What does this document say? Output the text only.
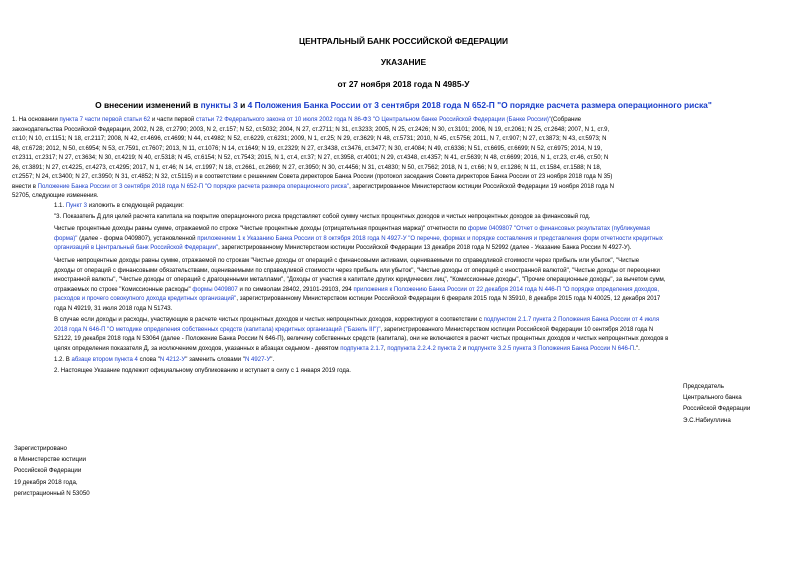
ЦЕНТРАЛЬНЫЙ БАНК РОССИЙСКОЙ ФЕДЕРАЦИИ
УКАЗАНИЕ
от 27 ноября 2018 года N 4985-У
О внесении изменений в пункты 3 и 4 Положения Банка России от 3 сентября 2018 года N 652-П "О порядке расчета размера операционного риска"
1. На основании пункта 7 части первой статьи 62 и части первой статьи 72 Федерального закона от 10 июля 2002 года N 86-ФЗ "О Центральном банке Российской Федерации (Банке России)"(Собрание
законодательства Российской Федерации, 2002, N 28, ст.2790; 2003, N 2, ст.157; N 52, ст.5032; 2004, N 27, ст.2711; N 31, ст.3233; 2005, N 25, ст.2426; N 30, ст.3101; 2006, N 19, ст.2061; N 25, ст.2648; 2007, N 1, ст.9,
ст.10; N 10, ст.1151; N 18, ст.2117; 2008, N 42, ст.4696, ст.4699; N 44, ст.4982; N 52, ст.6229, ст.6231; 2009, N 1, ст.25; N 29, ст.3629; N 48, ст.5731; 2010, N 45, ст.5756; 2011, N 7, ст.907; N 27, ст.3873; N 43, ст.5973; N
48, ст.6728; 2012, N 50, ст.6954; N 53, ст.7591, ст.7607; 2013, N 11, ст.1076; N 14, ст.1649; N 19, ст.2329; N 27, ст.3438, ст.3476, ст.3477; N 30, ст.4084; N 49, ст.6336; N 51, ст.6695, ст.6699; N 52, ст.6975; 2014, N 19,
ст.2311, ст.2317; N 27, ст.3634; N 30, ст.4219; N 40, ст.5318; N 45, ст.6154; N 52, ст.7543; 2015, N 1, ст.4, ст.37; N 27, ст.3958, ст.4001; N 29, ст.4348, ст.4357; N 41, ст.5639; N 48, ст.6699; 2016, N 1, ст.23, ст.46, ст.50; N
26, ст.3891; N 27, ст.4225, ст.4273, ст.4295; 2017, N 1, ст.46; N 14, ст.1997; N 18, ст.2661, ст.2669; N 27, ст.3950; N 30, ст.4456; N 31, ст.4830; N 50, ст.7562; 2018, N 1, ст.66; N 9, ст.1286; N 11, ст.1584, ст.1588; N 18,
ст.2557; N 24, ст.3400; N 27, ст.3950; N 31, ст.4852; N 32, ст.5115) и в соответствии с решением Совета директоров Банка России (протокол заседания Совета директоров Банка России от 23 ноября 2018 года N 35)
внести в Положение Банка России от 3 сентября 2018 года N 652-П "О порядке расчета размера операционного риска", зарегистрированное Министерством юстиции Российской Федерации 19 ноября 2018 года N
52705, следующие изменения.
1.1. Пункт 3 изложить в следующей редакции:
"3. Показатель Д для целей расчета капитала на покрытие операционного риска представляет собой сумму чистых процентных доходов и чистых непроцентных доходов за финансовый год.
Чистые процентные доходы равны сумме, отражаемой по строке "Чистые процентные доходы (отрицательная процентная маржа)" отчетности по форме 0409807 "Отчет о финансовых результатах (публикуемая
форма)" (далее - форма 0409807), установленной приложением 1 к Указанию Банка России от 8 октября 2018 года N 4927-У "О перечне, формах и порядке составления и представления форм отчетности кредитных
организаций в Центральный банк Российской Федерации", зарегистрированному Министерством юстиции Российской Федерации 13 декабря 2018 года N 52992 (далее - Указание Банка России N 4927-У).
Чистые непроцентные доходы равны сумме, отражаемой по строкам "Чистые доходы от операций с финансовыми активами, оцениваемыми по справедливой стоимости через прибыль или убыток", "Чистые
доходы от операций с финансовыми обязательствами, оцениваемыми по справедливой стоимости через прибыль или убыток", "Чистые доходы от операций с иностранной валютой", "Чистые доходы от переоценки
иностранной валюты", "Чистые доходы от операций с драгоценными металлами", "Доходы от участия в капитале других юридических лиц", "Комиссионные доходы", "Прочие операционные доходы", за вычетом сумм,
отражаемых по строке "Комиссионные расходы" формы 0409807 и по символам 28402, 29101-29103, 294 приложения к Положению Банка России от 22 декабря 2014 года N 446-П "О порядке определения доходов,
расходов и прочего совокупного дохода кредитных организаций", зарегистрированному Министерством юстиции Российской Федерации 6 февраля 2015 года N 35910, 8 декабря 2015 года N 40025, 12 декабря 2017
года N 49219, 31 июля 2018 года N 51743.
В случае если доходы и расходы, участвующие в расчете чистых процентных доходов и чистых непроцентных доходов, корректируют в соответствии с подпунктом 2.1.7 пункта 2 Положения Банка России от 4 июля
2018 года N 646-П "О методике определения собственных средств (капитала) кредитных организаций ("Базель III")", зарегистрированного Министерством юстиции Российской Федерации 10 сентября 2018 года N
52122, 19 декабря 2018 года N 53064 (далее - Положение Банка России N 646-П), величину собственных средств (капитала), они не включаются в расчет чистых процентных доходов и чистых непроцентных доходов в
целях определения показателя Д, за исключением доходов, указанных в абзацах седьмом - девятом подпункта 2.1.7, подпункта 2.2.4.2 пункта 2 и подпункте 3.2.5 пункта 3 Положения Банка России N 646-П.".
1.2. В абзаце втором пункта 4 слова "N 4212-У" заменить словами "N 4927-У".
2. Настоящее Указание подлежит официальному опубликованию и вступает в силу с 1 января 2019 года.
Председатель
Центрального банка
Российской Федерации
Э.С.Набиуллина
Зарегистрировано
в Министерстве юстиции
Российской Федерации
19 декабря 2018 года,
регистрационный N 53050
